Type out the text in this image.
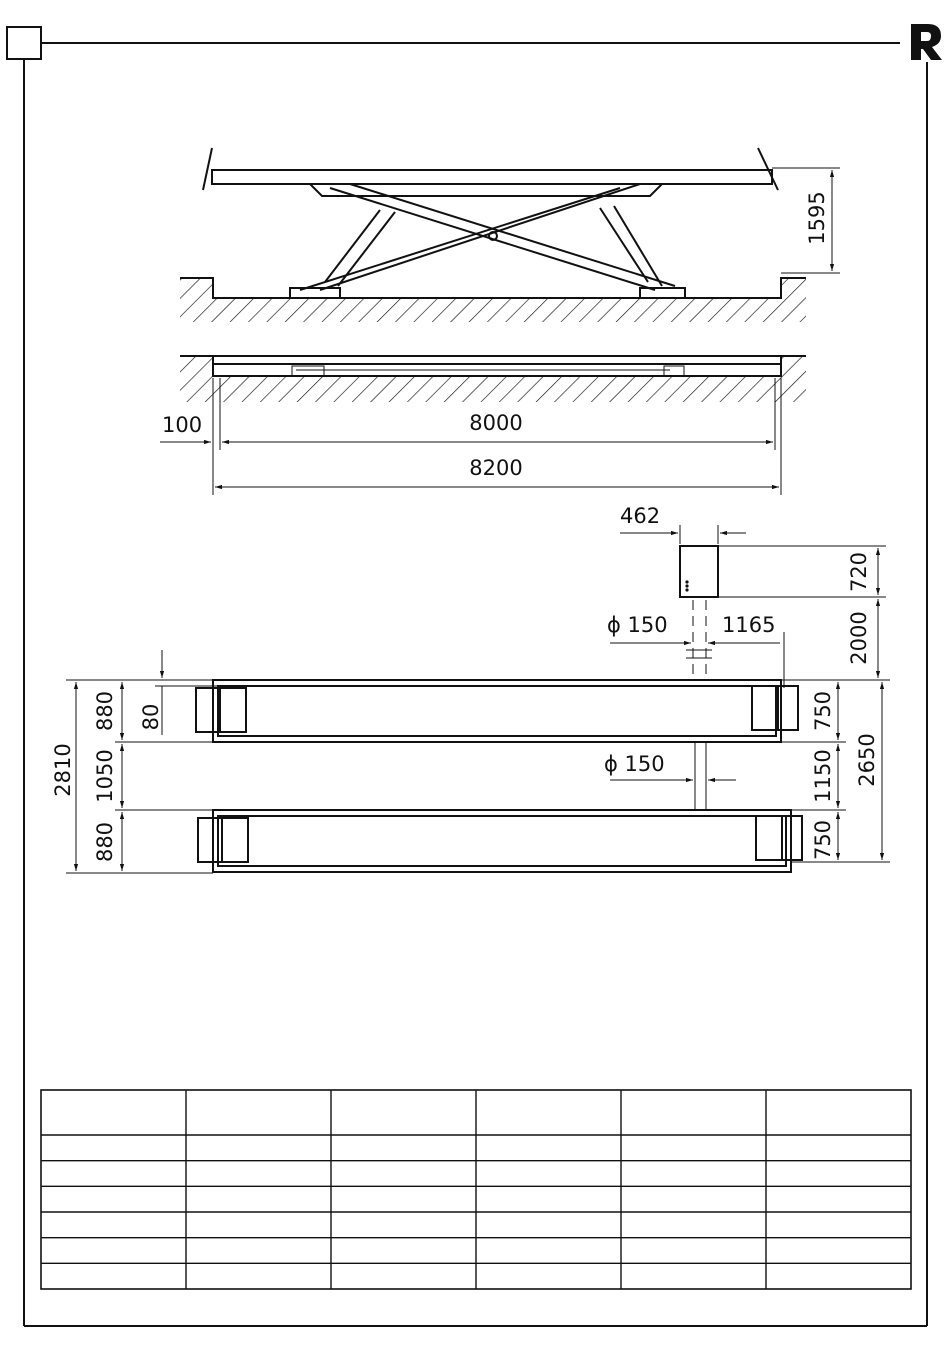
R
1595
100	8000
8200
462
720
2000
ϕ 150	1165
ϕ 150
2810
880
1050
880
80	750
1150 2650
750
